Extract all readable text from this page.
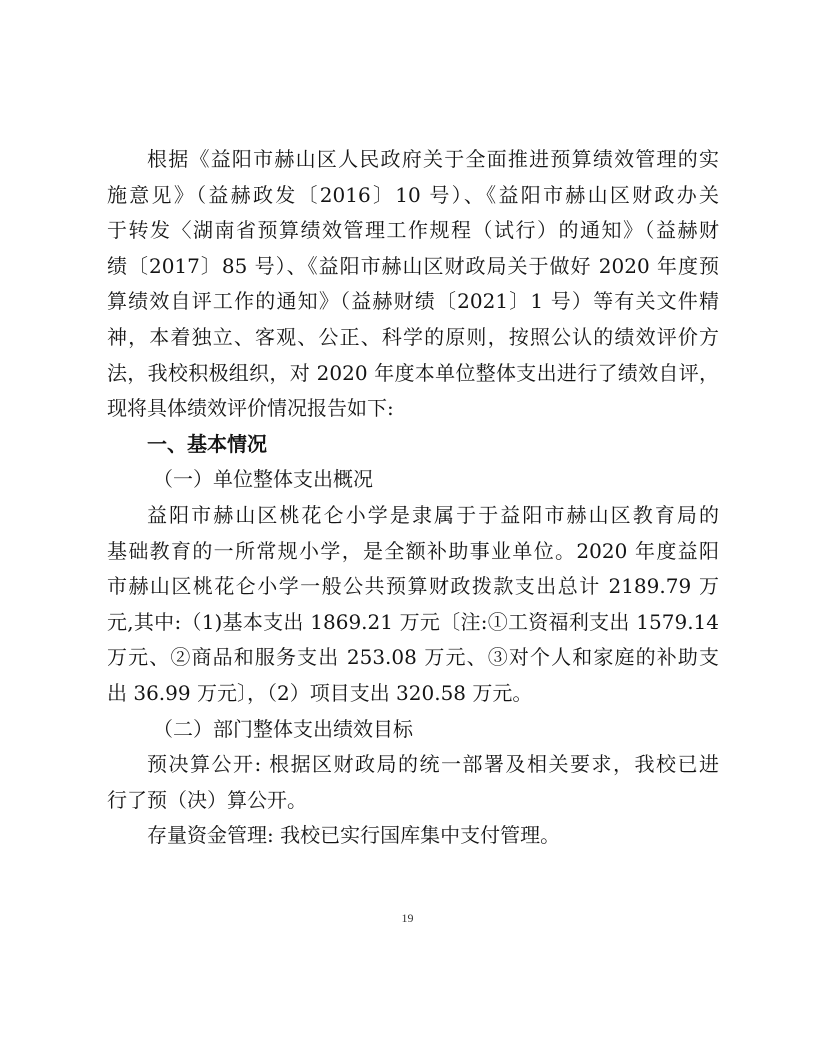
根据《益阳市赫山区人民政府关于全面推进预算绩效管理的实
施意见》（益赫政发〔2016〕10 号）、《益阳市赫山区财政办关
于转发〈湖南省预算绩效管理工作规程（试行）的通知》（益赫财
绩〔2017〕85 号）、《益阳市赫山区财政局关于做好 2020 年度预
算绩效自评工作的通知》（益赫财绩〔2021〕1 号）等有关文件精
神，本着独立、客观、公正、科学的原则，按照公认的绩效评价方
法，我校积极组织，对 2020 年度本单位整体支出进行了绩效自评，
现将具体绩效评价情况报告如下:
一、基本情况
（一）单位整体支出概况
益阳市赫山区桃花仑小学是隶属于于益阳市赫山区教育局的
基础教育的一所常规小学，是全额补助事业单位。2020 年度益阳
市赫山区桃花仑小学一般公共预算财政拨款支出总计 2189.79 万
元,其中:（1)基本支出 1869.21 万元〔注:①工资福利支出 1579.14
万元、②商品和服务支出 253.08 万元、③对个人和家庭的补助支
出 36.99 万元〕，（2）项目支出 320.58 万元。
（二）部门整体支出绩效目标
预决算公开: 根据区财政局的统一部署及相关要求，我校已进
行了预（决）算公开。
存量资金管理: 我校已实行国库集中支付管理。
19
